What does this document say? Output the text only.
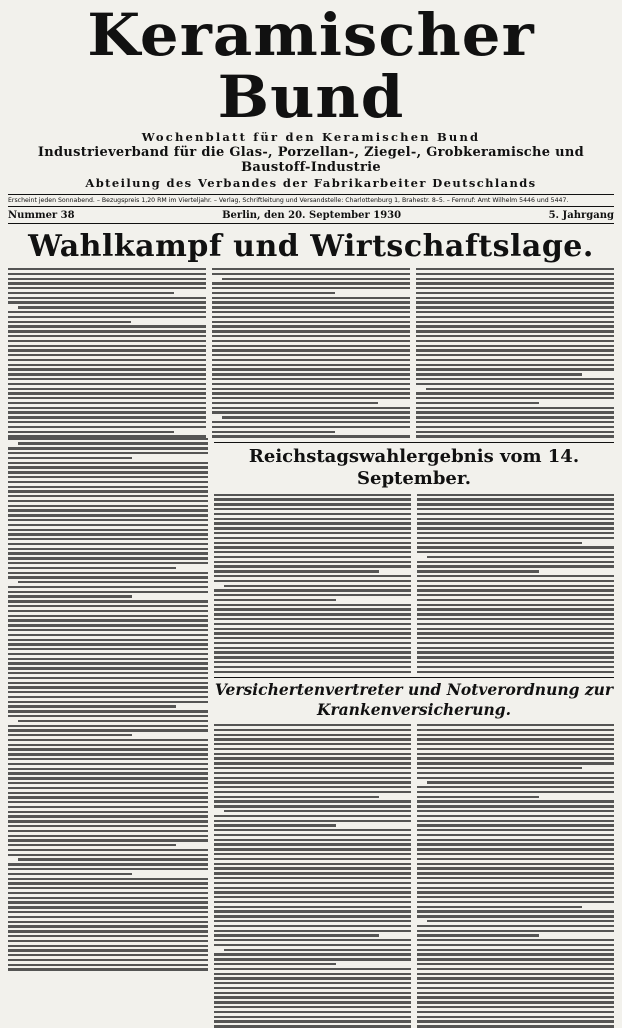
Keramischer Bund
Wochenblatt für den Keramischen Bund
Industrieverband für die Glas-, Porzellan-, Ziegel-, Grobkeramische und Baustoff-Industrie
Abteilung des Verbandes der Fabrikarbeiter Deutschlands
Erscheint jeden Sonnabend. – Bezugspreis 1,20 RM im Vierteljahr. – Verlag, Schriftleitung und Versandstelle: Charlottenburg 1, Brahestr. 8–5. – Fernruf: Amt Wilhelm 5446 und 5447.
Nummer 38	Berlin, den 20. September 1930	5. Jahrgang
Wahlkampf und Wirtschaftslage.
Reichstagswahlergebnis vom 14. September.
Versichertenvertreter und Notverordnung zur Krankenversicherung.
